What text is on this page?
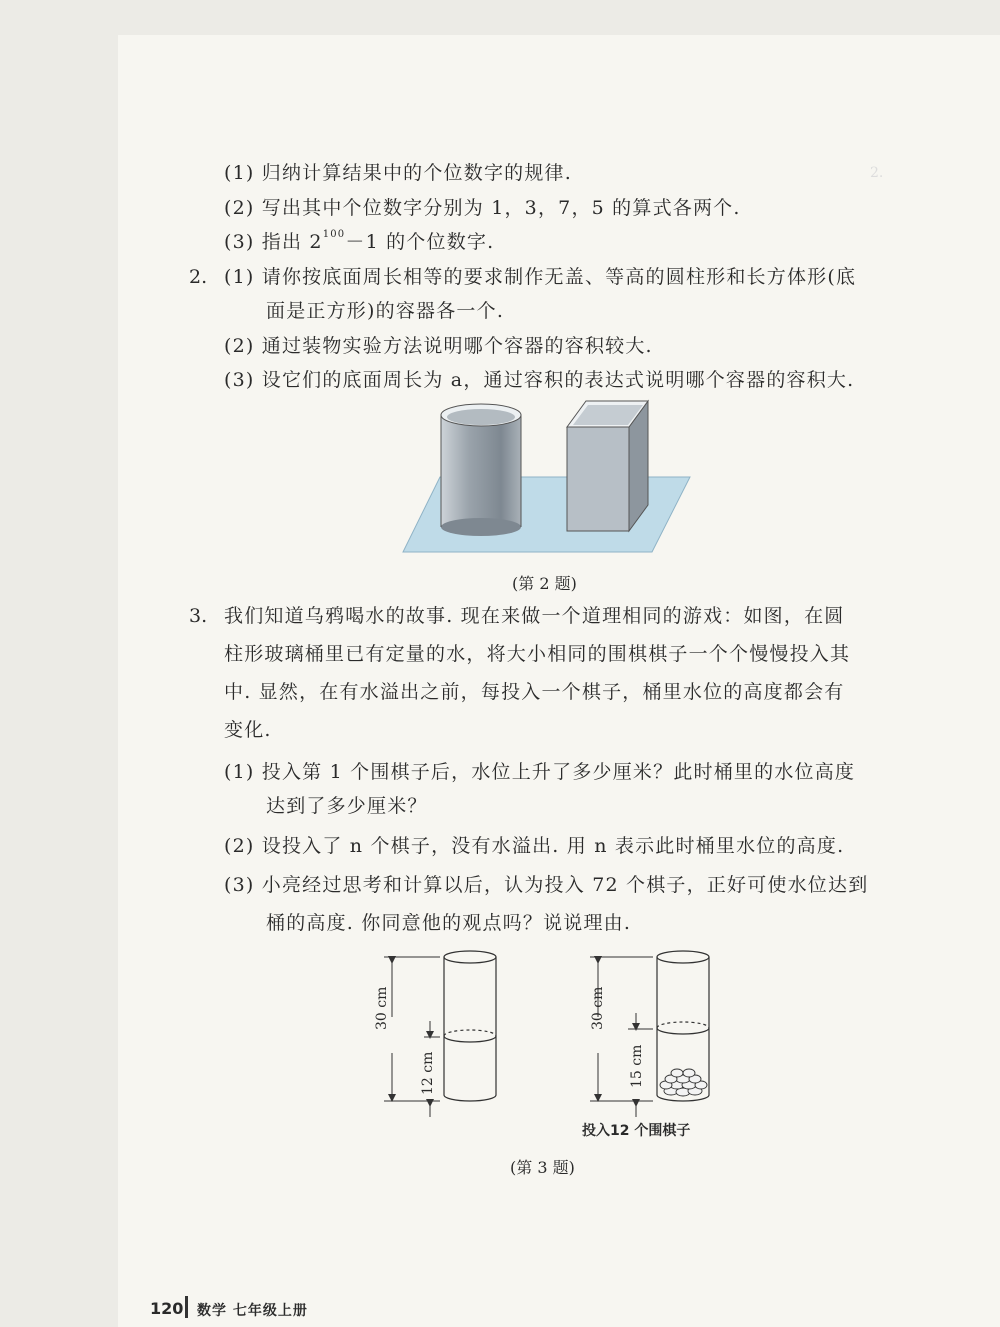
2.
(1) 归纳计算结果中的个位数字的规律.
(2) 写出其中个位数字分别为 1，3，7，5 的算式各两个.
(3) 指出 $2^{100}-1$ 的个位数字.
2. (1) 请你按底面周长相等的要求制作无盖、等高的圆柱形和长方体形(底
面是正方形)的容器各一个.
(2) 通过装物实验方法说明哪个容器的容积较大.
(3) 设它们的底面周长为 a，通过容积的表达式说明哪个容器的容积大.
(第 2 题)
3. 我们知道乌鸦喝水的故事. 现在来做一个道理相同的游戏：如图，在圆
柱形玻璃桶里已有定量的水，将大小相同的围棋棋子一个个慢慢投入其
中. 显然，在有水溢出之前，每投入一个棋子，桶里水位的高度都会有
变化.
(1) 投入第 1 个围棋子后，水位上升了多少厘米？此时桶里的水位高度
达到了多少厘米？
(2) 设投入了 n 个棋子，没有水溢出. 用 n 表示此时桶里水位的高度.
(3) 小亮经过思考和计算以后，认为投入 72 个棋子，正好可使水位达到
桶的高度. 你同意他的观点吗？说说理由.
30 cm
12 cm
30 cm
15 cm
投入12 个围棋子
(第 3 题)
120 数学 七年级上册
